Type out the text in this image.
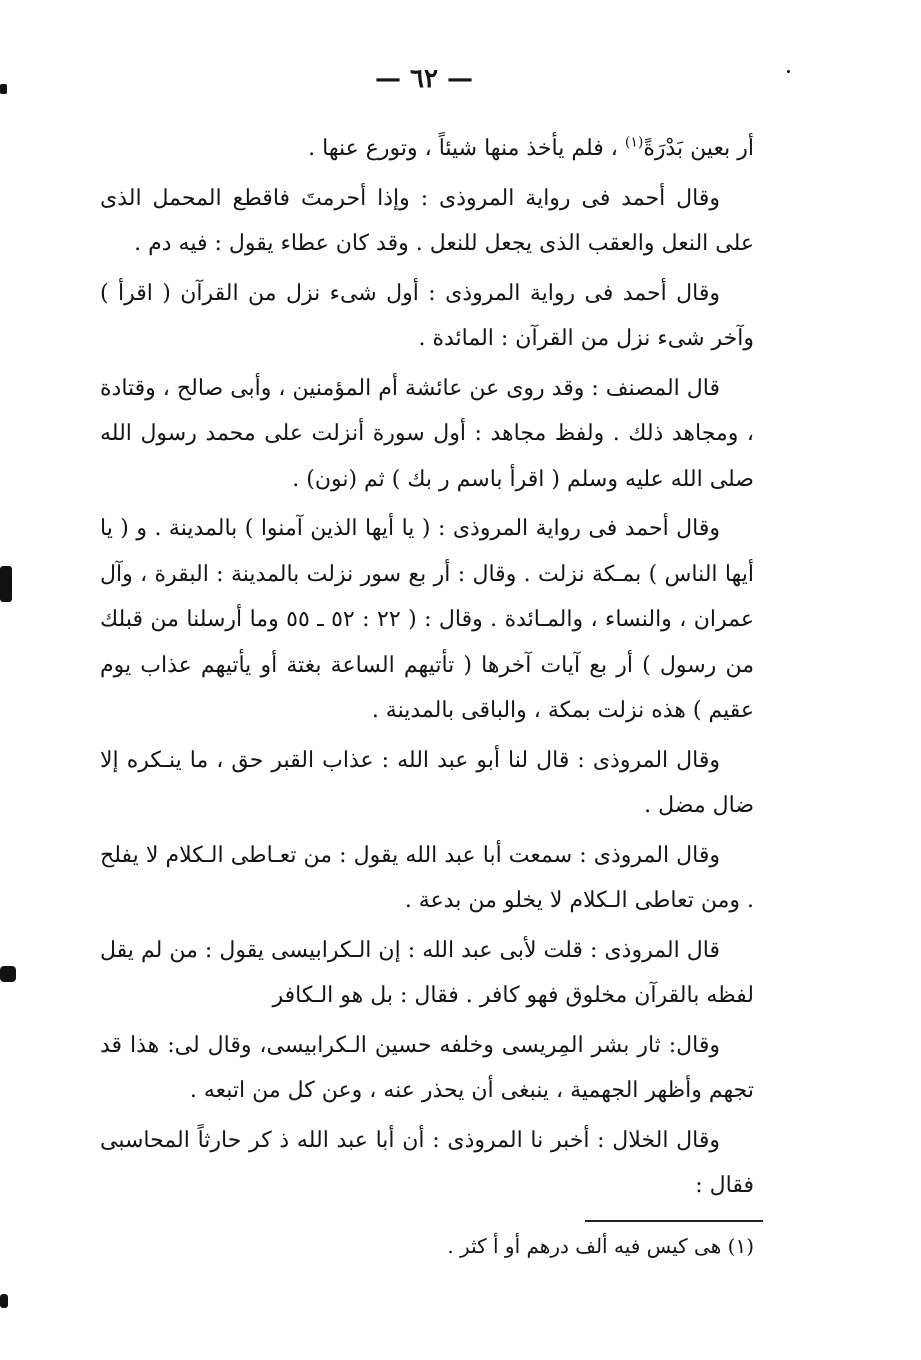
— ٦٢ —

أر بعين بَدْرَةً$^{(١)}$ ، فلم يأخذ منها شيئاً ، وتورع عنها .

وقال أحمد فى رواية المروذى : وإذا أحرمتَ فاقطع المحمل الذى على النعل والعقب الذى يجعل للنعل . وقد كان عطاء يقول : فيه دم .

وقال أحمد فى رواية المروذى : أول شىء نزل من القرآن ( اقرأ ) وآخر شىء نزل من القرآن : المائدة .

قال المصنف : وقد روى عن عائشة أم المؤمنين ، وأبى صالح ، وقتادة ، ومجاهد ذلك . ولفظ مجاهد : أول سورة أنزلت على محمد رسول الله صلى الله عليه وسلم ( اقرأ باسم ر بك ) ثم (نون) .

وقال أحمد فى رواية المروذى : ( يا أيها الذين آمنوا ) بالمدينة . و ( يا أيها الناس ) بمـكة نزلت . وقال : أر بع سور نزلت بالمدينة : البقرة ، وآل عمران ، والنساء ، والمـائدة . وقال : ( ٢٢ : ٥٢ ـ ٥٥ وما أرسلنا من قبلك من رسول ) أر بع آيات آخرها ( تأتيهم الساعة بغتة أو يأتيهم عذاب يوم عقيم ) هذه نزلت بمكة ، والباقى بالمدينة .

وقال المروذى : قال لنا أبو عبد الله : عذاب القبر حق ، ما ينـكره إلا ضال مضل .

وقال المروذى : سمعت أبا عبد الله يقول : من تعـاطى الـكلام لا يفلح . ومن تعاطى الـكلام لا يخلو من بدعة .

قال المروذى : قلت لأبى عبد الله : إن الـكرابيسى يقول : من لم يقل لفظه بالقرآن مخلوق فهو كافر . فقال : بل هو الـكافر

وقال: ثار بشر المِريسى وخلفه حسين الـكرابيسى، وقال لى: هذا قد تجهم وأظهر الجهمية ، ينبغى أن يحذر عنه ، وعن كل من اتبعه .

وقال الخلال : أخبر نا المروذى : أن أبا عبد الله ذ كر حارثاً المحاسبى فقال :

(١) هى كيس فيه ألف درهم أو أ كثر .
